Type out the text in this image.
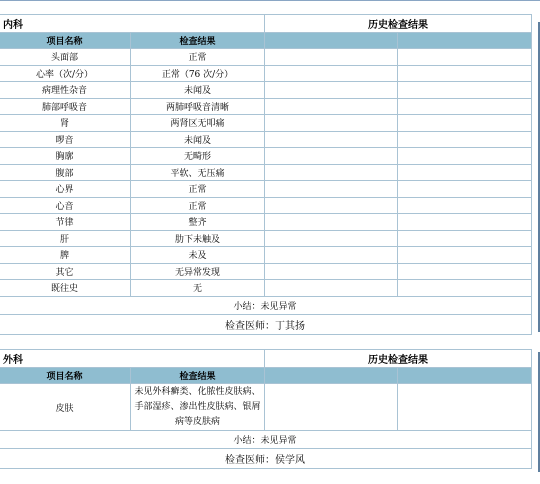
内科		历史检查结果	
项目名称	检查结果		
头面部	正常		
心率（次/分）	正常（76 次/分）		
病理性杂音	未闻及		
肺部呼吸音	两肺呼吸音清晰		
肾	两肾区无叩痛		
啰音	未闻及		
胸廓	无畸形		
腹部	平软、无压痛		
心界	正常		
心音	正常		
节律	整齐		
肝	肋下未触及		
脾	未及		
其它	无异常发现		
既往史	无		
小结：未见异常			
检查医师：丁其扬			
外科		历史检查结果	
项目名称	检查结果		
皮肤	未见外科癣类、化脓性皮肤病、手部湿疹、渗出性皮肤病、银屑病等皮肤病		
小结：未见异常			
检查医师：侯学风			
